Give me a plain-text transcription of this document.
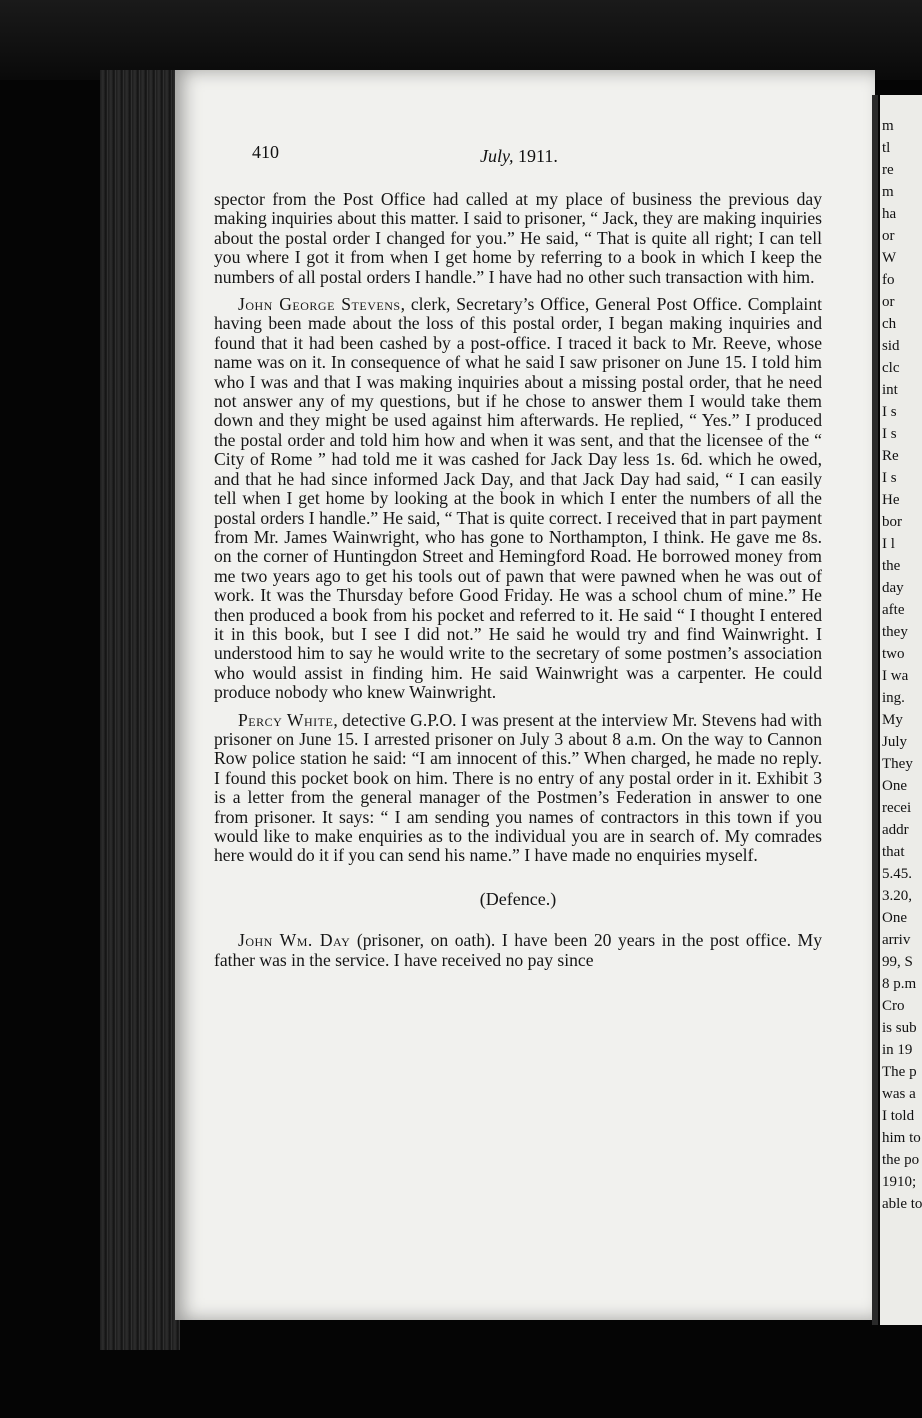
m
tl
re
m
ha
or
W
fo
or
ch
sid
clc
int
I s
I s
Re
I s
He
bor
I l
the
day
afte
they
two
I wa
ing.
My
July
They
One
recei
addr
that
5.45.
3.20,
One
arriv
99, S
8 p.m
Cro
is sub
in 19
The p
was a
I told
him to
the po
1910;
able to
410	July, 1911.

spector from the Post Office had called at my place of business the previous day making inquiries about this matter. I said to prisoner, “ Jack, they are making inquiries about the postal order I changed for you.” He said, “ That is quite all right; I can tell you where I got it from when I get home by referring to a book in which I keep the numbers of all postal orders I handle.” I have had no other such transaction with him.

John George Stevens, clerk, Secretary’s Office, General Post Office. Complaint having been made about the loss of this postal order, I began making inquiries and found that it had been cashed by a post-office. I traced it back to Mr. Reeve, whose name was on it. In consequence of what he said I saw prisoner on June 15. I told him who I was and that I was making inquiries about a missing postal order, that he need not answer any of my questions, but if he chose to answer them I would take them down and they might be used against him afterwards. He replied, “ Yes.” I produced the postal order and told him how and when it was sent, and that the licensee of the “ City of Rome ” had told me it was cashed for Jack Day less 1s. 6d. which he owed, and that he had since informed Jack Day, and that Jack Day had said, “ I can easily tell when I get home by looking at the book in which I enter the numbers of all the postal orders I handle.” He said, “ That is quite correct. I received that in part payment from Mr. James Wainwright, who has gone to Northampton, I think. He gave me 8s. on the corner of Huntingdon Street and Hemingford Road. He borrowed money from me two years ago to get his tools out of pawn that were pawned when he was out of work. It was the Thursday before Good Friday. He was a school chum of mine.” He then produced a book from his pocket and referred to it. He said “ I thought I entered it in this book, but I see I did not.” He said he would try and find Wainwright. I understood him to say he would write to the secretary of some postmen’s association who would assist in finding him. He said Wainwright was a carpenter. He could produce nobody who knew Wainwright.

Percy White, detective G.P.O. I was present at the interview Mr. Stevens had with prisoner on June 15. I arrested prisoner on July 3 about 8 a.m. On the way to Cannon Row police station he said: “I am innocent of this.” When charged, he made no reply. I found this pocket book on him. There is no entry of any postal order in it. Exhibit 3 is a letter from the general manager of the Postmen’s Federation in answer to one from prisoner. It says: “ I am sending you names of contractors in this town if you would like to make enquiries as to the individual you are in search of. My comrades here would do it if you can send his name.” I have made no enquiries myself.

(Defence.)

John Wm. Day (prisoner, on oath). I have been 20 years in the post office. My father was in the service. I have received no pay since
